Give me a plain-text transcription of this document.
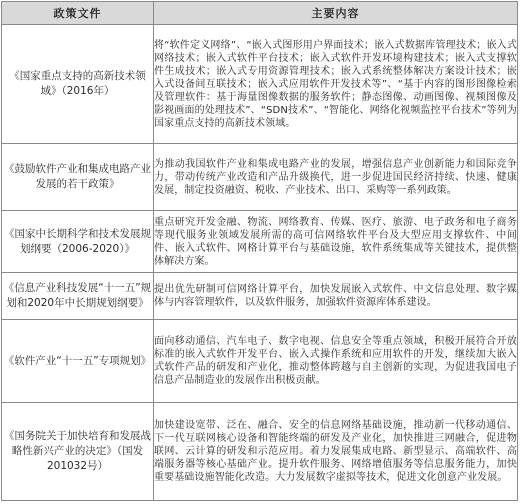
政策文件	主要内容

《国家重点支持的高新技术领域》（2016年）	将“软件定义网络”、“嵌入式图形用户界面技术；嵌入式数据库管理技术；嵌入式网络技术；嵌入式软件平台技术；嵌入式软件开发环境构建技术；嵌入式支撑软件生成技术；嵌入式专用资源管理技术；嵌入式系统整体解决方案设计技术；嵌入式设备间互联技术；嵌入式应用软件开发技术等”、“基于内容的图形图像检索及管理软件：基于海量图像数据的服务软件；静态图像、动画图像、视频图像及影视画面的处理技术”、“SDN技术”、“智能化、网络化视频监控平台技术”等列为国家重点支持的高新技术领域。

《鼓励软件产业和集成电路产业发展的若干政策》	为推动我国软件产业和集成电路产业的发展，增强信息产业创新能力和国际竞争力，带动传统产业改造和产品升级换代，进一步促进国民经济持续、快速、健康发展，制定投资融资、税收、产业技术、出口、采购等一系列政策。

《国家中长期科学和技术发展规划纲要（2006-2020）》	重点研究开发金融、物流、网络教育、传媒、医疗、旅游、电子政务和电子商务等现代服务业领域发展所需的高可信网络软件平台及大型应用支撑软件、中间件、嵌入式软件、网格计算平台与基础设施，软件系统集成等关键技术，提供整体解决方案。

《信息产业科技发展“十一五”规划和2020年中长期规划纲要》	提出优先研制可信网络计算平台，加快发展嵌入式软件、中文信息处理、数字媒体与内容管理软件，以及软件服务，加强软件资源库体系建设。

《软件产业“十一五”专项规划》	面向移动通信、汽车电子、数字电视、信息安全等重点领域，积极开展符合开放标准的嵌入式软件开发平台、嵌入式操作系统和应用软件的开发，继续加大嵌入式软件产品的研发和产业化，推动整体跨越与自主创新的实现，为促进我国电子信息产品制造业的发展作出积极贡献。

《国务院关于加快培育和发展战略性新兴产业的决定》（国发201032号）	加快建设宽带、泛在、融合、安全的信息网络基础设施，推动新一代移动通信、下一代互联网核心设备和智能终端的研发及产业化，加快推进三网融合，促进物联网、云计算的研发和示范应用。着力发展集成电路、新型显示、高端软件、高端服务器等核心基础产业。提升软件服务、网络增值服务等信息服务能力，加快重要基础设施智能化改造。大力发展数字虚拟等技术，促进文化创意产业发展。
